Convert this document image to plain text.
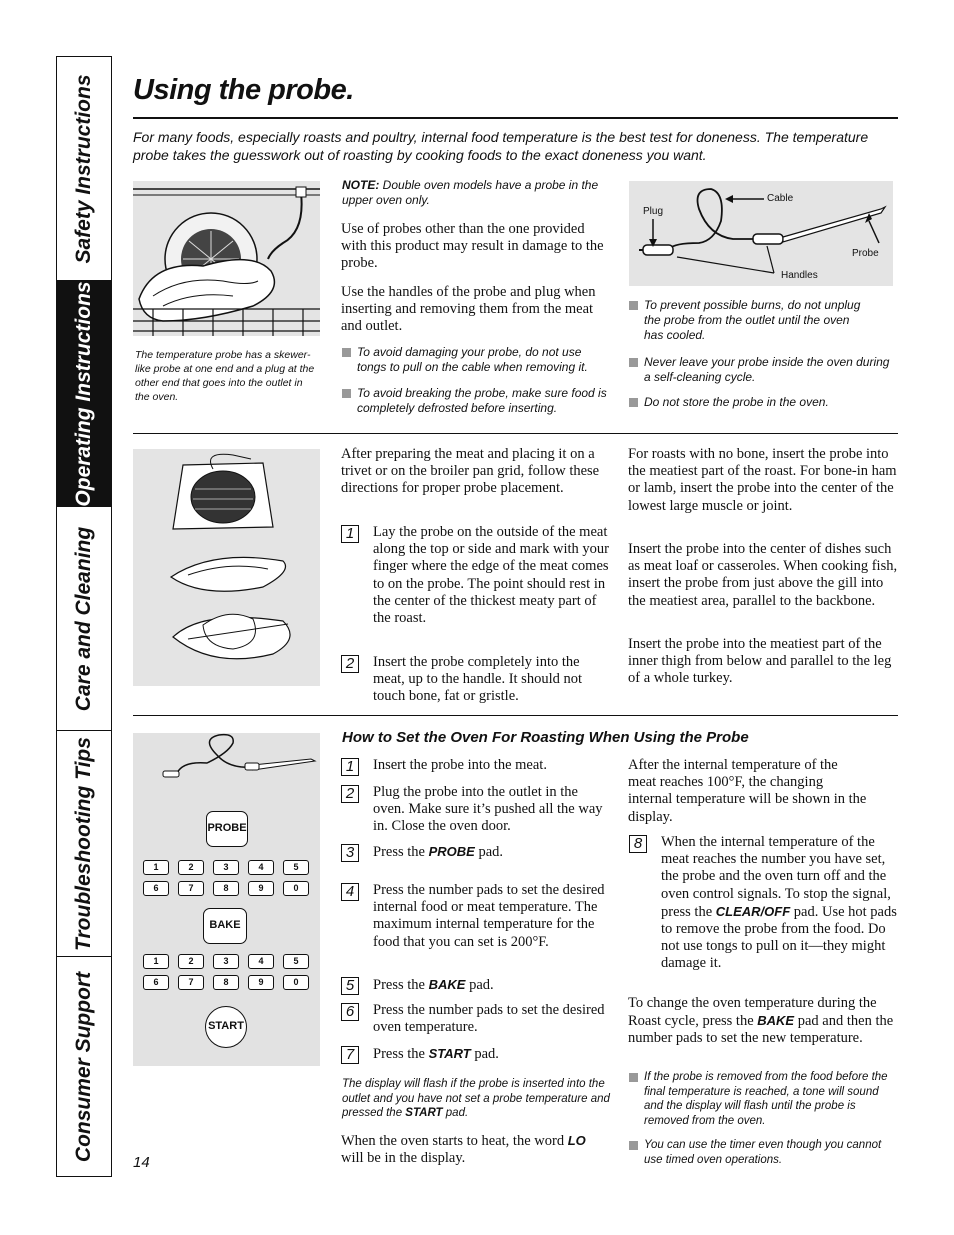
Safety Instructions
Operating Instructions
Care and Cleaning
Troubleshooting Tips
Consumer Support
Using the probe.
For many foods, especially roasts and poultry, internal food temperature is the best test for doneness. The temperature probe takes the guesswork out of roasting by cooking foods to the exact doneness you want.
The temperature probe has a skewer-like probe at one end and a plug at the other end that goes into the outlet in the oven.
NOTE: Double oven models have a probe in the upper oven only.
Use of probes other than the one provided with this product may result in damage to the probe.
Use the handles of the probe and plug when inserting and removing them from the meat and outlet.
To avoid damaging your probe, do not use tongs to pull on the cable when removing it.
To avoid breaking the probe, make sure food is completely defrosted before inserting.
Plug
Cable
Probe
Handles
To prevent possible burns, do not unplug the probe from the outlet until the oven has cooled.
Never leave your probe inside the oven during a self-cleaning cycle.
Do not store the probe in the oven.
After preparing the meat and placing it on a trivet or on the broiler pan grid, follow these directions for proper probe placement.
1	Lay the probe on the outside of the meat along the top or side and mark with your finger where the edge of the meat comes to on the probe. The point should rest in the center of the thickest meaty part of the roast.
2	Insert the probe completely into the meat, up to the handle. It should not touch bone, fat or gristle.
For roasts with no bone, insert the probe into the meatiest part of the roast. For bone-in ham or lamb, insert the probe into the center of the lowest large muscle or joint.
Insert the probe into the center of dishes such as meat loaf or casseroles. When cooking fish, insert the probe from just above the gill into the meatiest area, parallel to the backbone.
Insert the probe into the meatiest part of the inner thigh from below and parallel to the leg of a whole turkey.
PROBE
BAKE
START
1	2	3	4	5
6	7	8	9	0
1	2	3	4	5
6	7	8	9	0
How to Set the Oven For Roasting When Using the Probe
1	Insert the probe into the meat.
2	Plug the probe into the outlet in the oven. Make sure it’s pushed all the way in. Close the oven door.
3	Press the PROBE pad.
4	Press the number pads to set the desired internal food or meat temperature. The maximum internal temperature for the food that you can set is 200°F.
5	Press the BAKE pad.
6	Press the number pads to set the desired oven temperature.
7	Press the START pad.
The display will flash if the probe is inserted into the outlet and you have not set a probe temperature and pressed the START pad.
When the oven starts to heat, the word LO will be in the display.
After the internal temperature of the meat reaches 100°F, the changing internal temperature will be shown in the display.
8	When the internal temperature of the meat reaches the number you have set, the probe and the oven turn off and the oven control signals. To stop the signal, press the CLEAR/OFF pad. Use hot pads to remove the probe from the food. Do not use tongs to pull on it—they might damage it.
To change the oven temperature during the Roast cycle, press the BAKE pad and then the number pads to set the new temperature.
If the probe is removed from the food before the final temperature is reached, a tone will sound and the display will flash until the probe is removed from the oven.
You can use the timer even though you cannot use timed oven operations.
14
